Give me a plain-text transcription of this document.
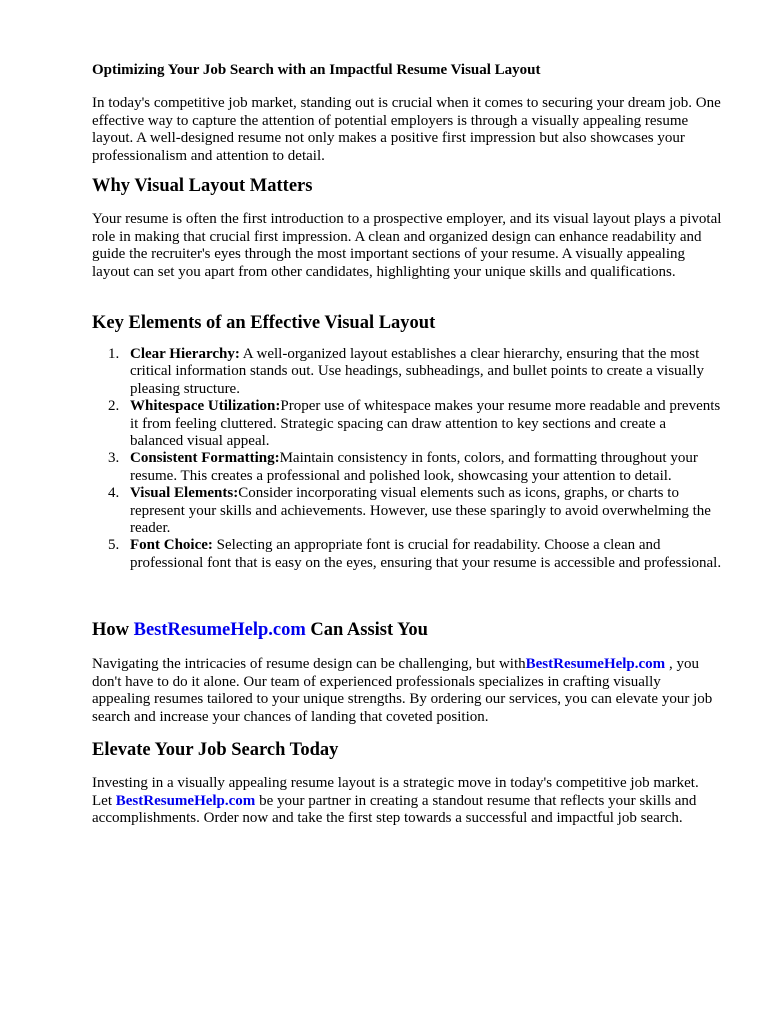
Optimizing Your Job Search with an Impactful Resume Visual Layout

In today's competitive job market, standing out is crucial when it comes to securing your dream job. One effective way to capture the attention of potential employers is through a visually appealing resume layout. A well-designed resume not only makes a positive first impression but also showcases your professionalism and attention to detail.

Why Visual Layout Matters

Your resume is often the first introduction to a prospective employer, and its visual layout plays a pivotal role in making that crucial first impression. A clean and organized design can enhance readability and guide the recruiter's eyes through the most important sections of your resume. A visually appealing layout can set you apart from other candidates, highlighting your unique skills and qualifications.

Key Elements of an Effective Visual Layout
1. Clear Hierarchy: A well-organized layout establishes a clear hierarchy, ensuring that the most critical information stands out. Use headings, subheadings, and bullet points to create a visually pleasing structure.
2. Whitespace Utilization:Proper use of whitespace makes your resume more readable and prevents it from feeling cluttered. Strategic spacing can draw attention to key sections and create a balanced visual appeal.
3. Consistent Formatting:Maintain consistency in fonts, colors, and formatting throughout your resume. This creates a professional and polished look, showcasing your attention to detail.
4. Visual Elements:Consider incorporating visual elements such as icons, graphs, or charts to represent your skills and achievements. However, use these sparingly to avoid overwhelming the reader.
5. Font Choice: Selecting an appropriate font is crucial for readability. Choose a clean and professional font that is easy on the eyes, ensuring that your resume is accessible and professional.
How BestResumeHelp.com Can Assist You

Navigating the intricacies of resume design can be challenging, but withBestResumeHelp.com , you don't have to do it alone. Our team of experienced professionals specializes in crafting visually appealing resumes tailored to your unique strengths. By ordering our services, you can elevate your job search and increase your chances of landing that coveted position.

Elevate Your Job Search Today

Investing in a visually appealing resume layout is a strategic move in today's competitive job market. Let BestResumeHelp.com be your partner in creating a standout resume that reflects your skills and accomplishments. Order now and take the first step towards a successful and impactful job search.
